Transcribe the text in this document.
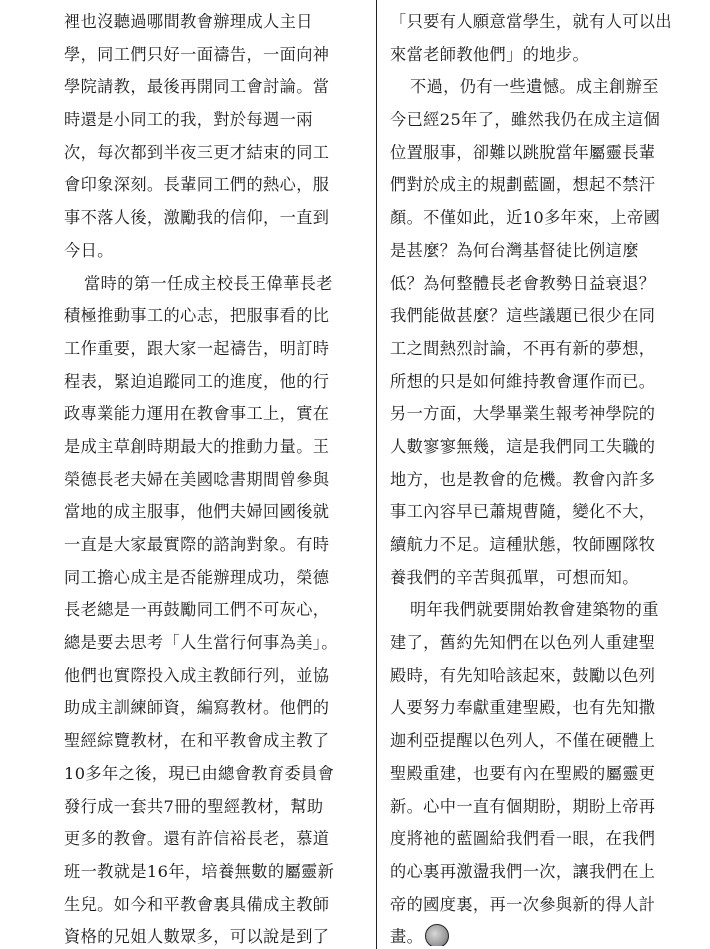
裡也沒聽過哪間教會辦理成人主日
學，同工們只好一面禱告，一面向神
學院請教，最後再開同工會討論。當
時還是小同工的我，對於每週一兩
次，每次都到半夜三更才結束的同工
會印象深刻。長輩同工們的熱心，服
事不落人後，激勵我的信仰，一直到
今日。
當時的第一任成主校長王偉華長老
積極推動事工的心志，把服事看的比
工作重要，跟大家一起禱告，明訂時
程表，緊迫追蹤同工的進度，他的行
政專業能力運用在教會事工上，實在
是成主草創時期最大的推動力量。王
榮德長老夫婦在美國唸書期間曾參與
當地的成主服事，他們夫婦回國後就
一直是大家最實際的諮詢對象。有時
同工擔心成主是否能辦理成功，榮德
長老總是一再鼓勵同工們不可灰心，
總是要去思考「人生當行何事為美」。
他們也實際投入成主教師行列，並協
助成主訓練師資，編寫教材。他們的
聖經綜覽教材，在和平教會成主教了
10多年之後，現已由總會教育委員會
發行成一套共7冊的聖經教材，幫助
更多的教會。還有許信裕長老，慕道
班一教就是16年，培養無數的屬靈新
生兒。如今和平教會裏具備成主教師
資格的兄姐人數眾多，可以說是到了
「只要有人願意當學生，就有人可以出
來當老師教他們」的地步。
不過，仍有一些遺憾。成主創辦至
今已經25年了，雖然我仍在成主這個
位置服事，卻難以跳脫當年屬靈長輩
們對於成主的規劃藍圖，想起不禁汗
顏。不僅如此，近10多年來，上帝國
是甚麼？為何台灣基督徒比例這麼
低？為何整體長老會教勢日益衰退？
我們能做甚麼？這些議題已很少在同
工之間熱烈討論，不再有新的夢想，
所想的只是如何維持教會運作而已。
另一方面，大學畢業生報考神學院的
人數寥寥無幾，這是我們同工失職的
地方，也是教會的危機。教會內許多
事工內容早已蕭規曹隨，變化不大，
續航力不足。這種狀態，牧師團隊牧
養我們的辛苦與孤單，可想而知。
明年我們就要開始教會建築物的重
建了，舊約先知們在以色列人重建聖
殿時，有先知哈該起來，鼓勵以色列
人要努力奉獻重建聖殿，也有先知撒
迦利亞提醒以色列人，不僅在硬體上
聖殿重建，也要有內在聖殿的屬靈更
新。心中一直有個期盼，期盼上帝再
度將祂的藍圖給我們看一眼，在我們
的心裏再激盪我們一次，讓我們在上
帝的國度裏，再一次參與新的得人計
畫。
